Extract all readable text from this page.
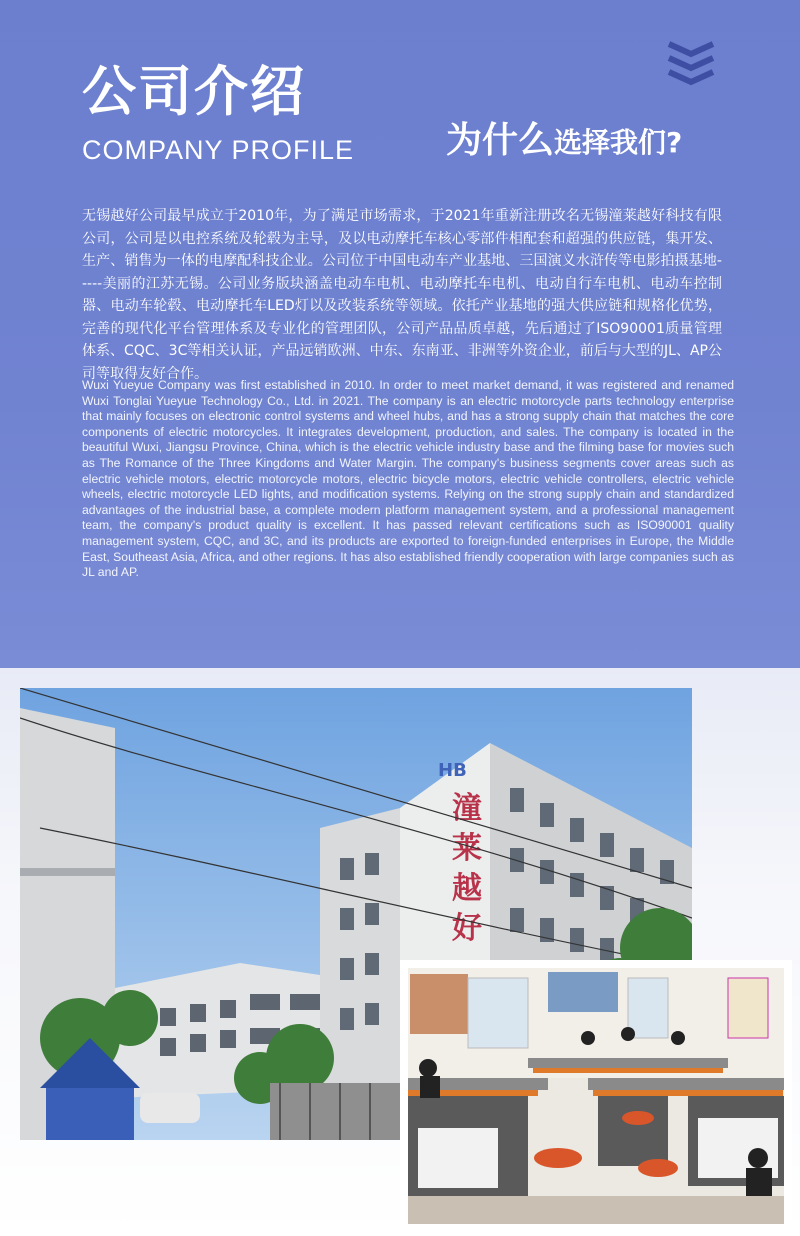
公司介绍
COMPANY PROFILE	为什么选择我们?
无锡越好公司最早成立于2010年，为了满足市场需求，于2021年重新注册改名无锡潼莱越好科技有限公司，公司是以电控系统及轮毂为主导，及以电动摩托车核心零部件相配套和超强的供应链，集开发、生产、销售为一体的电摩配科技企业。公司位于中国电动车产业基地、三国演义水浒传等电影拍摄基地-----美丽的江苏无锡。公司业务版块涵盖电动车电机、电动摩托车电机、电动自行车电机、电动车控制器、电动车轮毂、电动摩托车LED灯以及改装系统等领域。依托产业基地的强大供应链和规格化优势，完善的现代化平台管理体系及专业化的管理团队，公司产品品质卓越，先后通过了ISO90001质量管理体系、CQC、3C等相关认证，产品远销欧洲、中东、东南亚、非洲等外资企业，前后与大型的JL、AP公司等取得友好合作。
Wuxi Yueyue Company was first established in 2010. In order to meet market demand, it was registered and renamed Wuxi Tonglai Yueyue Technology Co., Ltd. in 2021. The company is an electric motorcycle parts technology enterprise that mainly focuses on electronic control systems and wheel hubs, and has a strong supply chain that matches the core components of electric motorcycles. It integrates development, production, and sales. The company is located in the beautiful Wuxi, Jiangsu Province, China, which is the electric vehicle industry base and the filming base for movies such as The Romance of the Three Kingdoms and Water Margin. The company's business segments cover areas such as electric vehicle motors, electric motorcycle motors, electric bicycle motors, electric vehicle controllers, electric vehicle wheels, electric motorcycle LED lights, and modification systems. Relying on the strong supply chain and standardized advantages of the industrial base, a complete modern platform management system, and a professional management team, the company's product quality is excellent. It has passed relevant certifications such as ISO90001 quality management system, CQC, and 3C, and its products are exported to foreign-funded enterprises in Europe, the Middle East, Southeast Asia, Africa, and other regions. It has also established friendly cooperation with large companies such as JL and AP.
HB
潼
莱
越
好
